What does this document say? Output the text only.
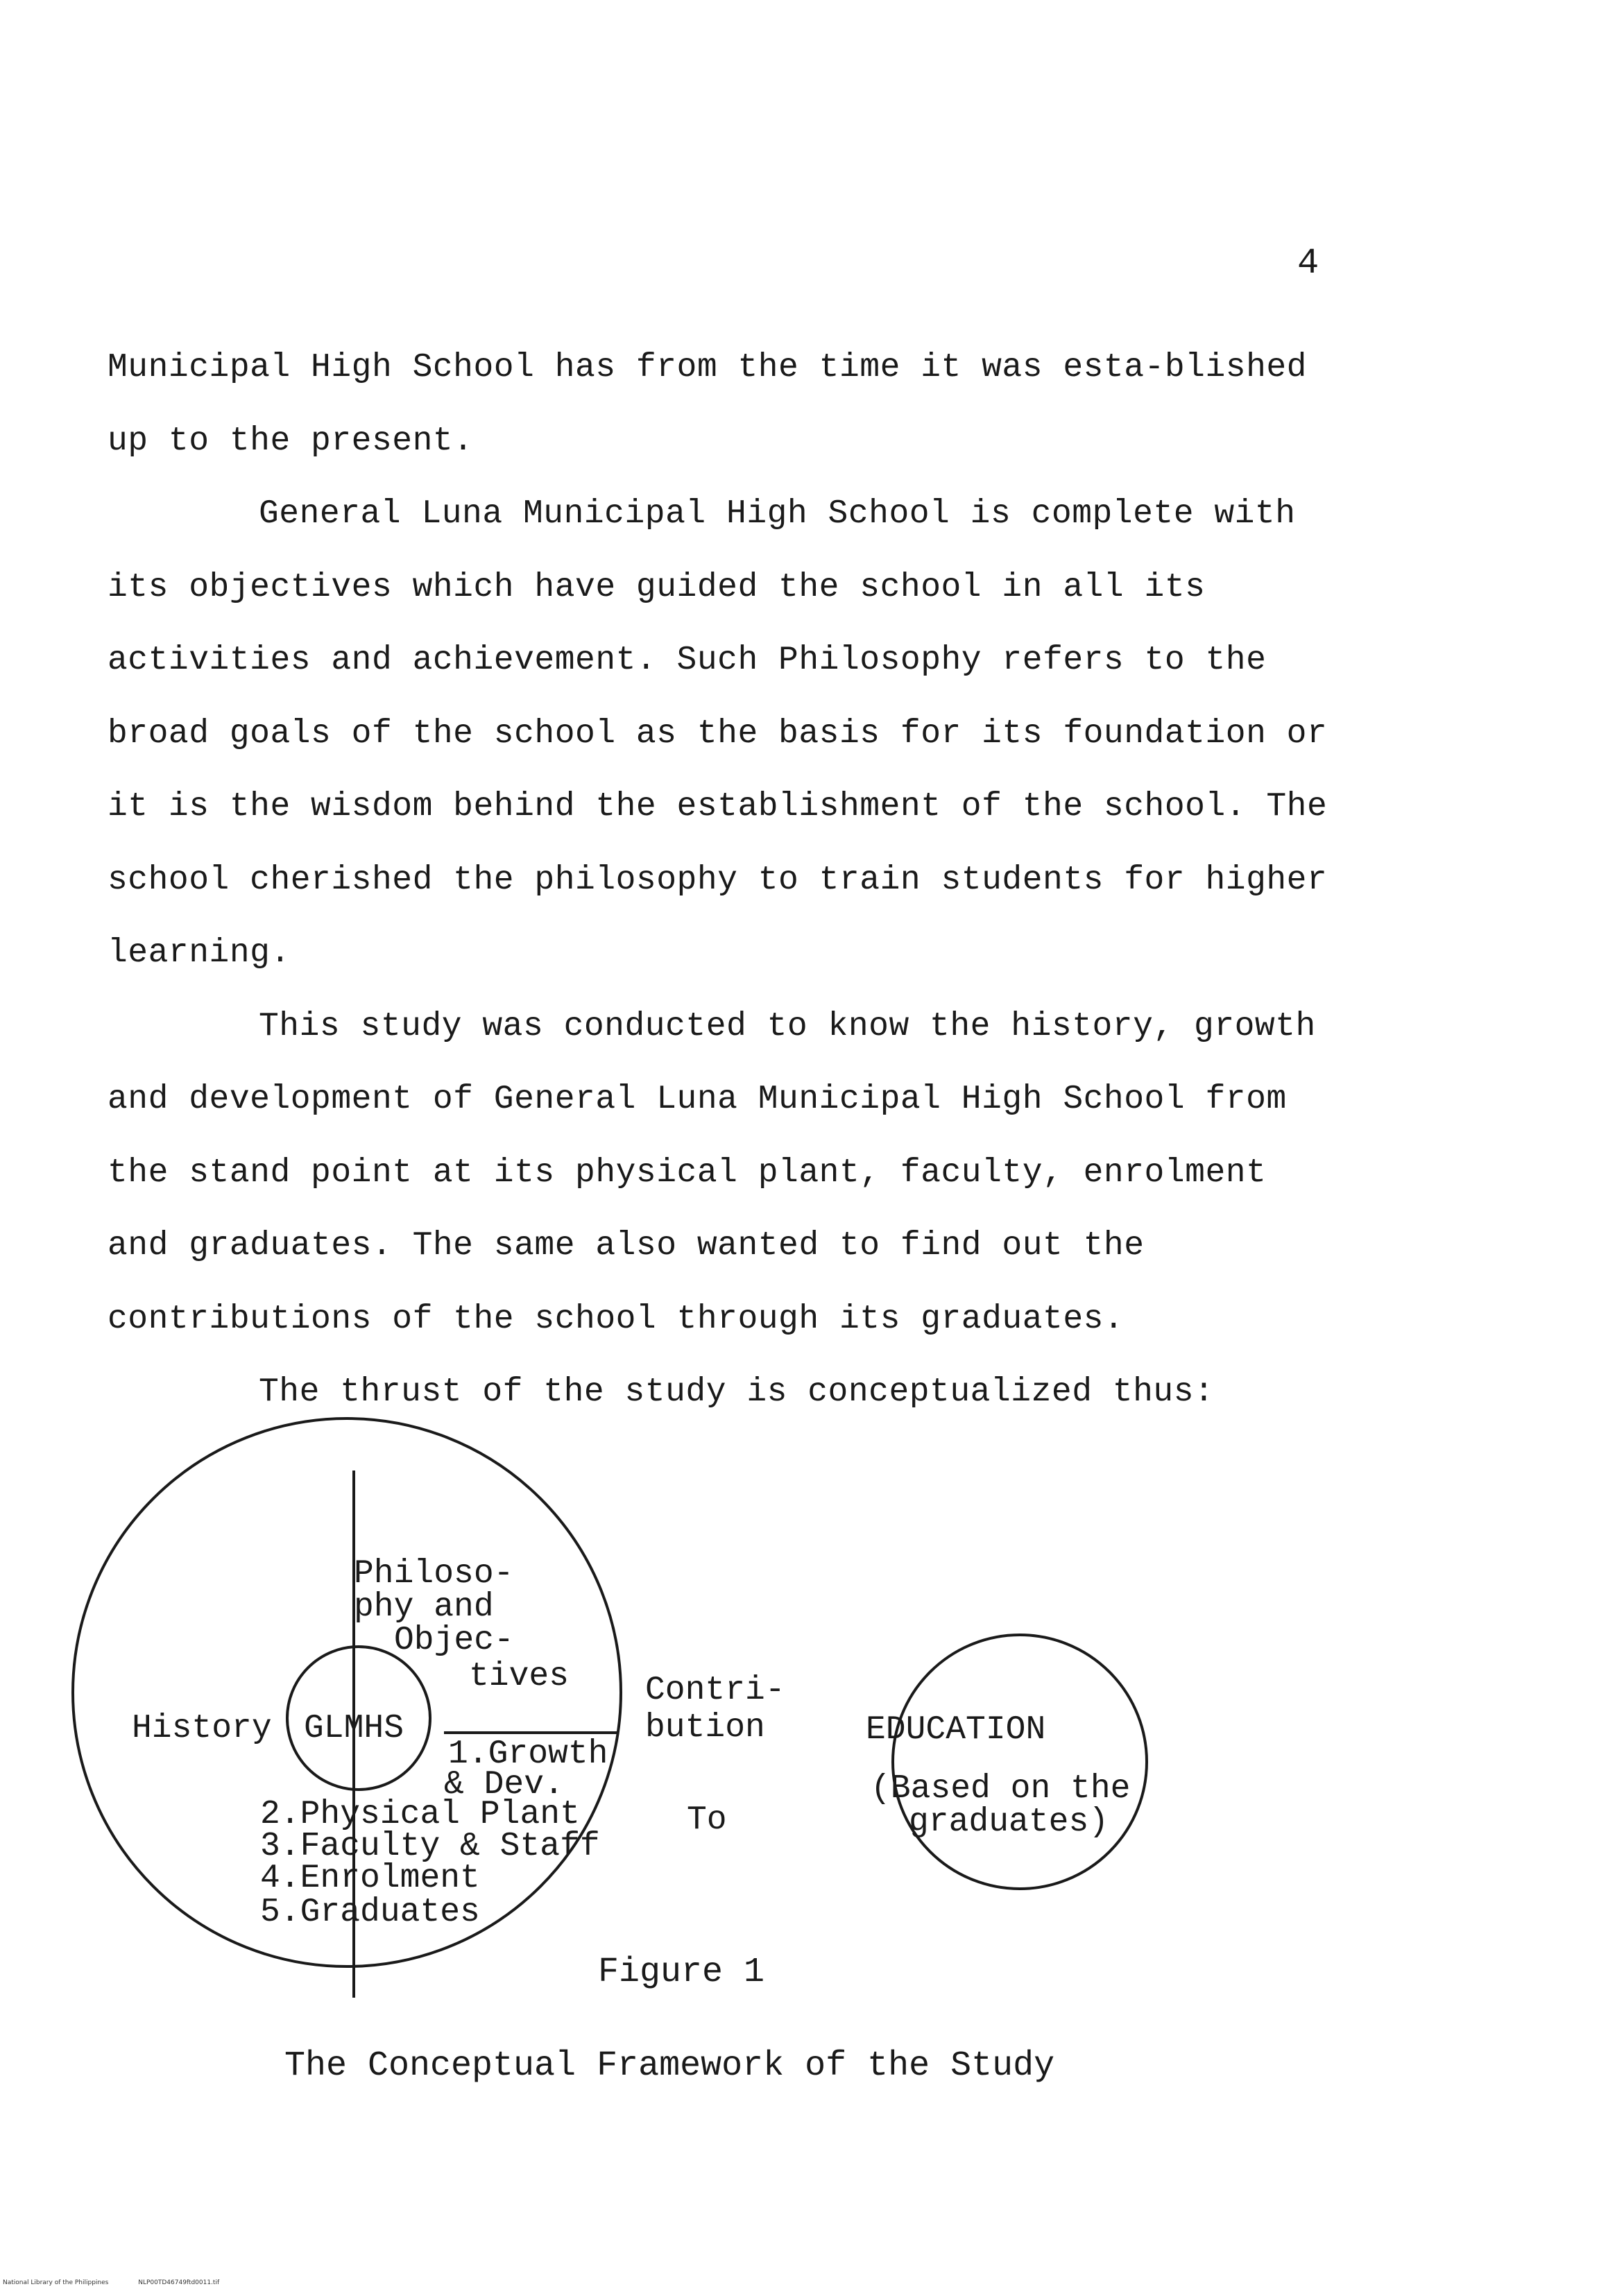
4

Municipal High School has from the time it was esta-blished up to the present.

General Luna Municipal High School is complete with its objectives which have guided the school in all its activities and achievement. Such Philosophy refers to the broad goals of the school as the basis for its foundation or it is the wisdom behind the establishment of the school. The school cherished the philosophy to train students for higher learning.

This study was conducted to know the history, growth and development of General Luna Municipal High School from the stand point at its physical plant, faculty, enrolment and graduates. The same also wanted to find out the contributions of the school through its graduates.

The thrust of the study is conceptualized thus:

GLMHS
History
Philoso-
phy and
Objec-
tives
1.Growth
& Dev.
2.Physical Plant
3.Faculty & Staff
4.Enrolment
5.Graduates
Contri-
bution
To
EDUCATION
(Based on the
graduates)
Figure 1
The Conceptual Framework of the Study
National Library of the Philippines	NLP00TD46749ftd0011.tif
